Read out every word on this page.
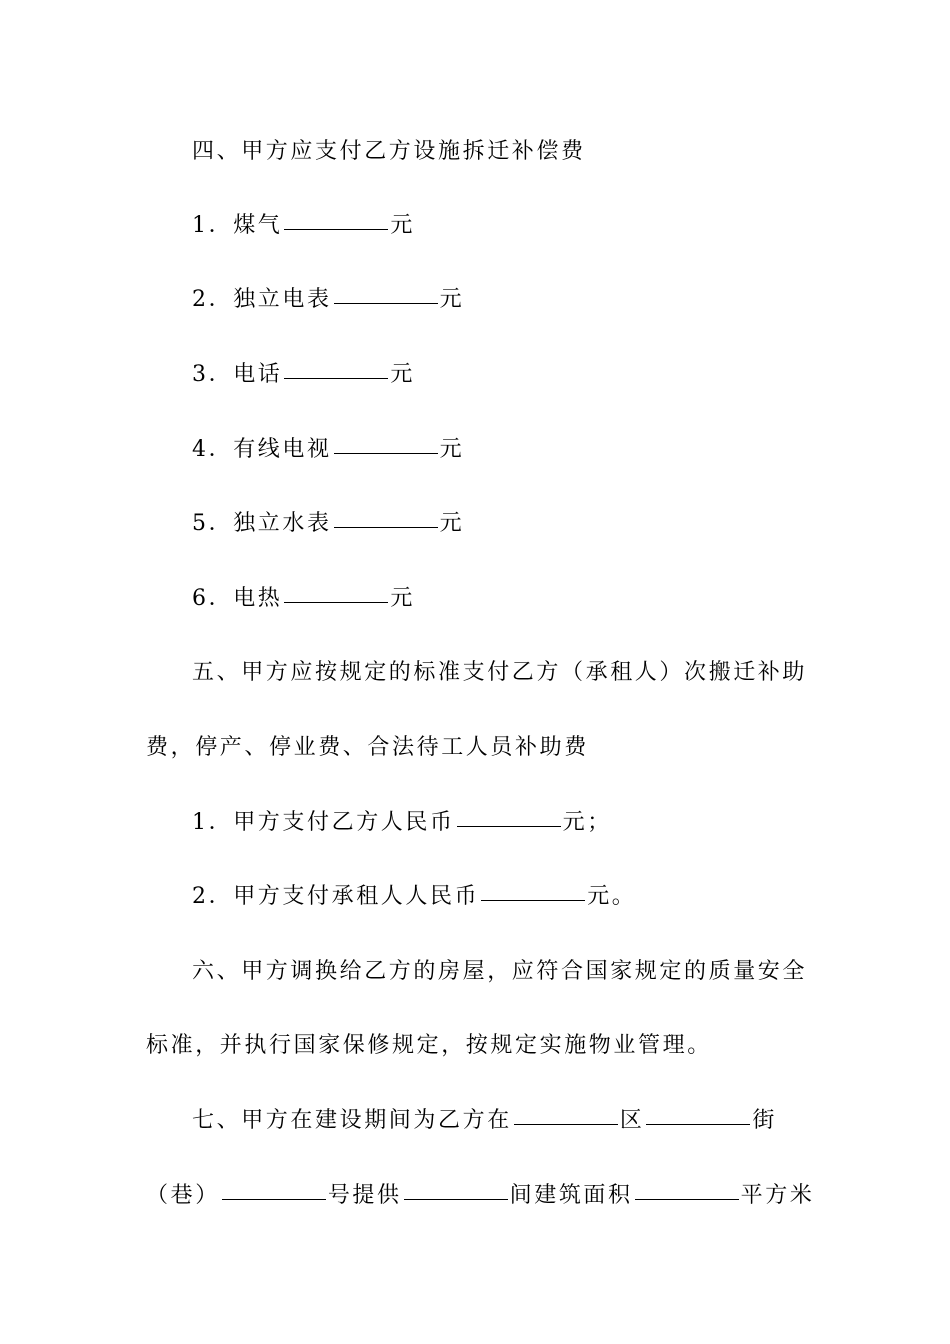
四、甲方应支付乙方设施拆迁补偿费
1．煤气	元
2．独立电表	元
3．电话	元
4．有线电视	元
5．独立水表	元
6．电热	元
五、甲方应按规定的标准支付乙方（承租人）次搬迁补助
费，停产、停业费、合法待工人员补助费
1．甲方支付乙方人民币	元；
2．甲方支付承租人人民币	元。
六、甲方调换给乙方的房屋，应符合国家规定的质量安全
标准，并执行国家保修规定，按规定实施物业管理。
七、甲方在建设期间为乙方在	区	街
（巷）	号提供	间建筑面积	平方米
